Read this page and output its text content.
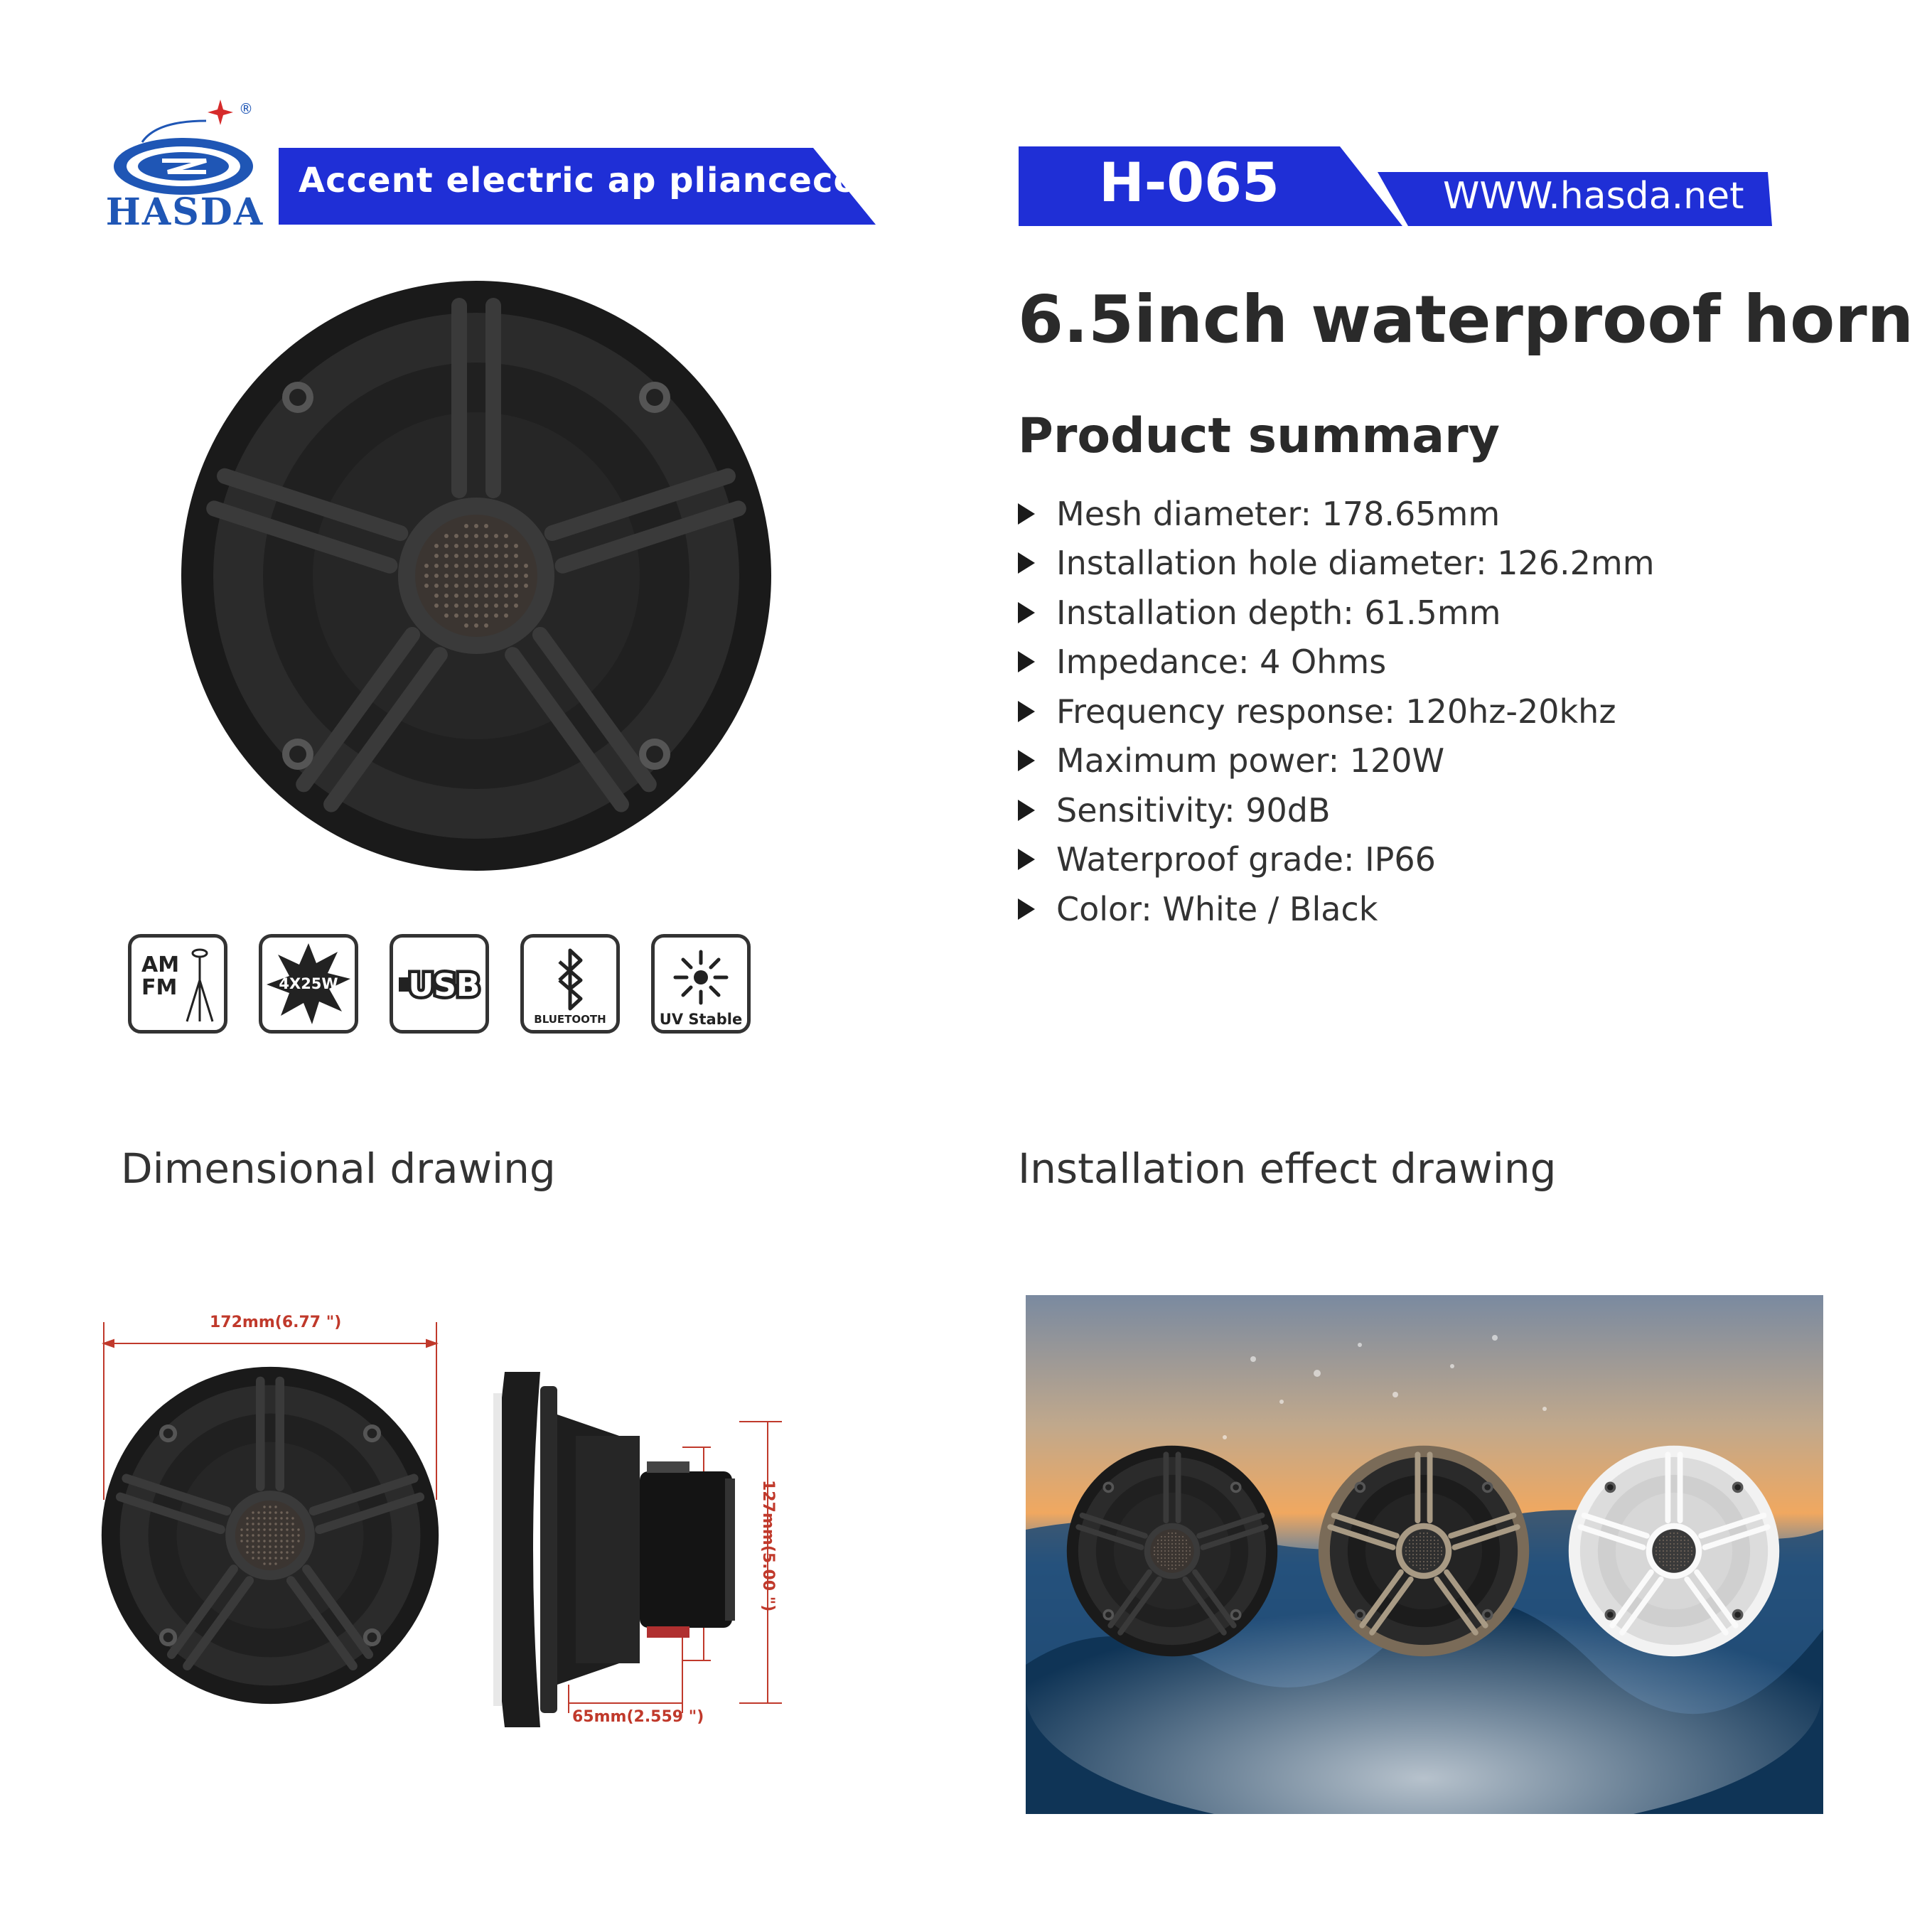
®
HASDA
Accent electric ap plianceco . ,	H-065	WWW.hasda.net
6.5inch waterproof horn
Product summary
Mesh diameter: 178.65mm
Installation hole diameter: 126.2mm
Installation depth: 61.5mm
Impedance: 4 Ohms
Frequency response: 120hz-20khz
Maximum power: 120W
Sensitivity: 90dB
Waterproof grade: IP66
Color: White / Black
AM
FM	4X25W USB
BLUETOOTH	UV Stable
Dimensional drawing	Installation effect drawing
172mm(6.77 ")
65mm(2.559 ")
127mm(5.00 ")
